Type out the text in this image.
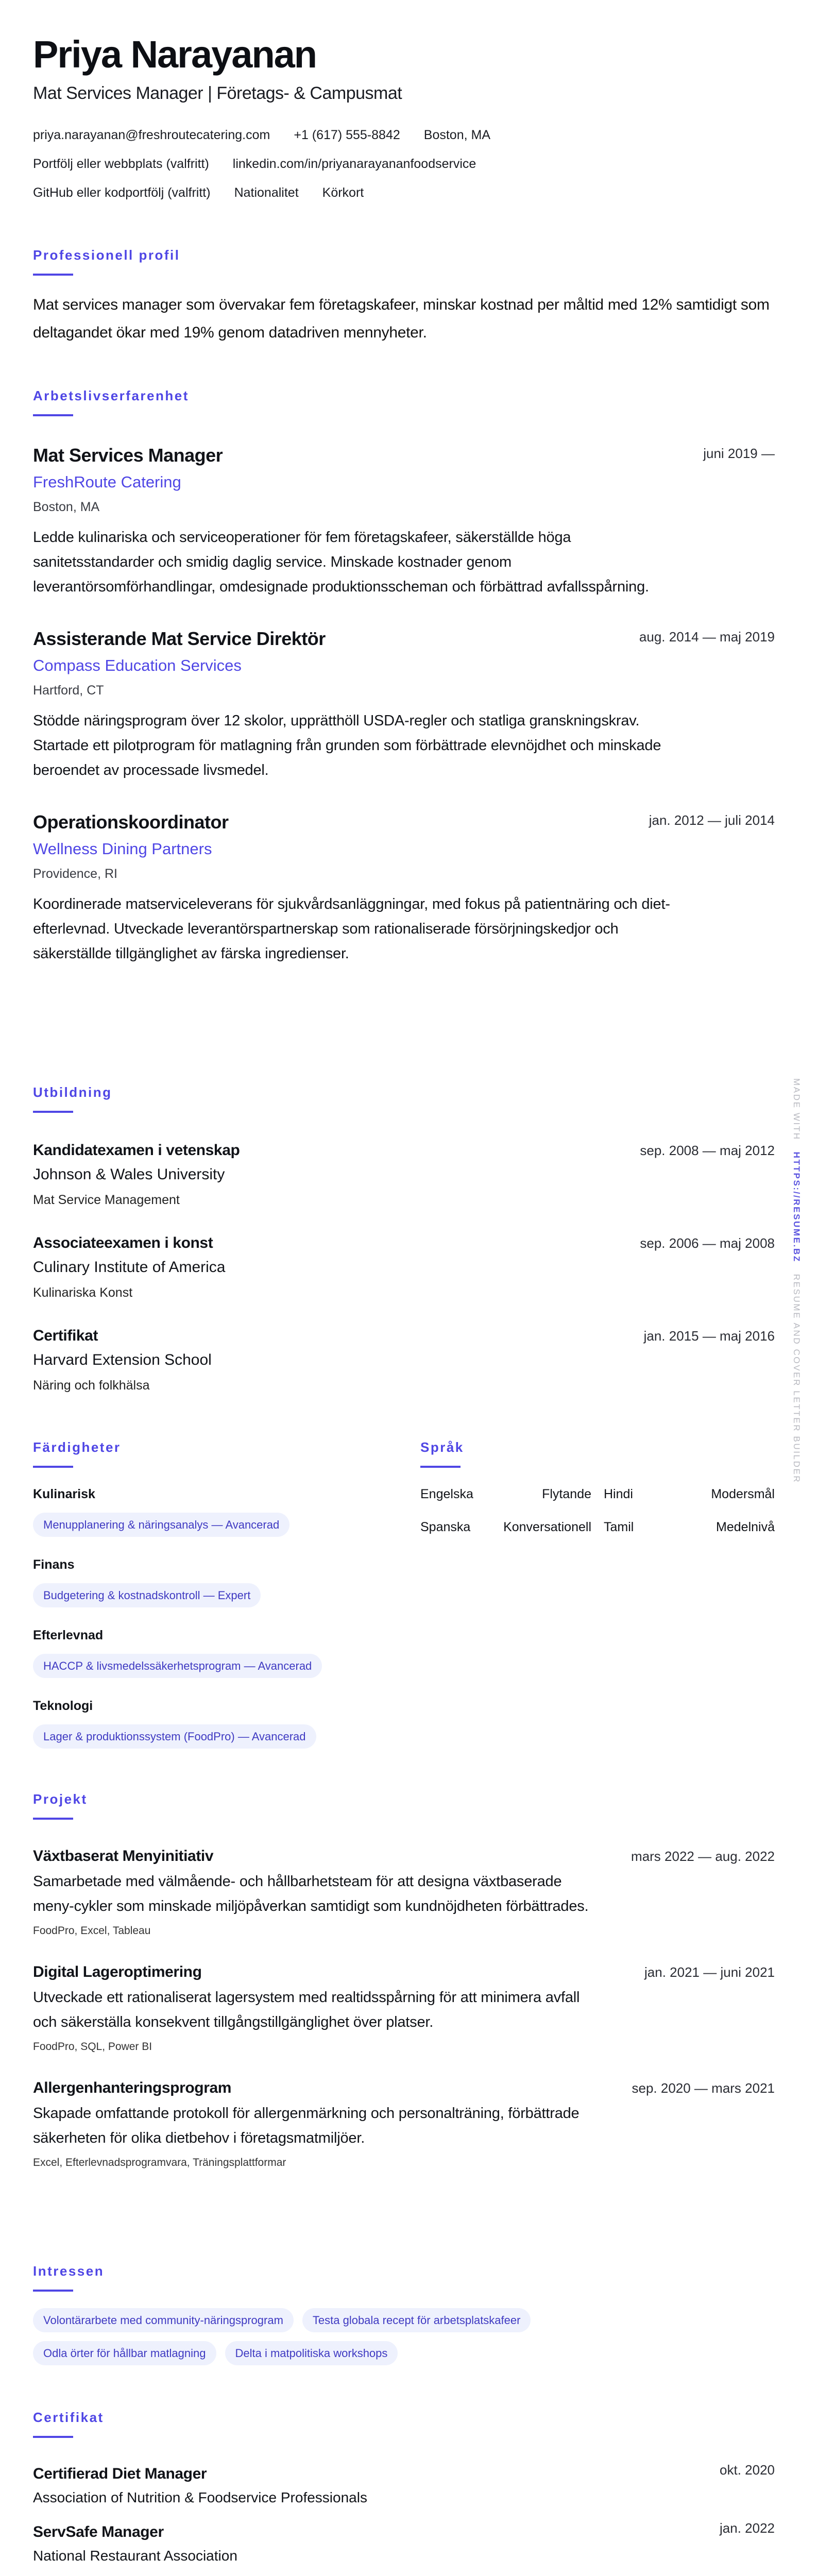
Priya Narayanan
Mat Services Manager | Företags- & Campusmat
priya.narayanan@freshroutecatering.com +1 (617) 555-8842 Boston, MA
Portfölj eller webbplats (valfritt) linkedin.com/in/priyanarayananfoodservice
GitHub eller kodportfölj (valfritt) Nationalitet Körkort
Professionell profil

Mat services manager som övervakar fem företagskafeer, minskar kostnad per måltid med 12% samtidigt som deltagandet ökar med 19% genom datadriven mennyheter.

Arbetslivserfarenhet
juni 2019 —
Mat Services Manager
FreshRoute Catering
Boston, MA

Ledde kulinariska och serviceoperationer för fem företagskafeer, säkerställde höga sanitetsstandarder och smidig daglig service. Minskade kostnader genom leverantörsomförhandlingar, omdesignade produktionsscheman och förbättrad avfallsspårning.

aug. 2014 — maj 2019
Assisterande Mat Service Direktör
Compass Education Services
Hartford, CT

Stödde näringsprogram över 12 skolor, upprätthöll USDA-regler och statliga granskningskrav. Startade ett pilotprogram för matlagning från grunden som förbättrade elevnöjdhet och minskade beroendet av processade livsmedel.

jan. 2012 — juli 2014
Operationskoordinator
Wellness Dining Partners
Providence, RI

Koordinerade matserviceleverans för sjukvårdsanläggningar, med fokus på patientnäring och diet-efterlevnad. Utveckade leverantörspartnerskap som rationaliserade försörjningskedjor och säkerställde tillgänglighet av färska ingredienser.

Utbildning
sep. 2008 — maj 2012
Kandidatexamen i vetenskap
Johnson & Wales University
Mat Service Management
sep. 2006 — maj 2008
Associateexamen i konst
Culinary Institute of America
Kulinariska Konst
jan. 2015 — maj 2016
Certifikat
Harvard Extension School
Näring och folkhälsa
Färdigheter
Kulinarisk
Menupplanering & näringsanalys — Avancerad
Finans
Budgetering & kostnadskontroll — Expert
Efterlevnad
HACCP & livsmedelssäkerhetsprogram — Avancerad
Teknologi
Lager & produktionssystem (FoodPro) — Avancerad
Språk
Engelska	Flytande Hindi	Modersmål
Spanska	Konversationell Tamil	Medelnivå
Projekt
mars 2022 — aug. 2022
Växtbaserat Menyinitiativ

Samarbetade med välmående- och hållbarhetsteam för att designa växtbaserade meny-cykler som minskade miljöpåverkan samtidigt som kundnöjdheten förbättrades.

FoodPro, Excel, Tableau
jan. 2021 — juni 2021
Digital Lageroptimering

Utveckade ett rationaliserat lagersystem med realtidsspårning för att minimera avfall och säkerställa konsekvent tillgångstillgänglighet över platser.

FoodPro, SQL, Power BI
sep. 2020 — mars 2021
Allergenhanteringsprogram

Skapade omfattande protokoll för allergenmärkning och personalträning, förbättrade säkerheten för olika dietbehov i företagsmatmiljöer.

Excel, Efterlevnadsprogramvara, Träningsplattformar
Intressen
Volontärarbete med community-näringsprogram	Testa globala recept för arbetsplatskafeer
Odla örter för hållbar matlagning	Delta i matpolitiska workshops
Certifikat
okt. 2020
Certifierad Diet Manager
Association of Nutrition & Foodservice Professionals
jan. 2022
ServSafe Manager
National Restaurant Association
MADE WITH   HTTPS://RESUME.BZ   RESUME AND COVER LETTER BUILDER
